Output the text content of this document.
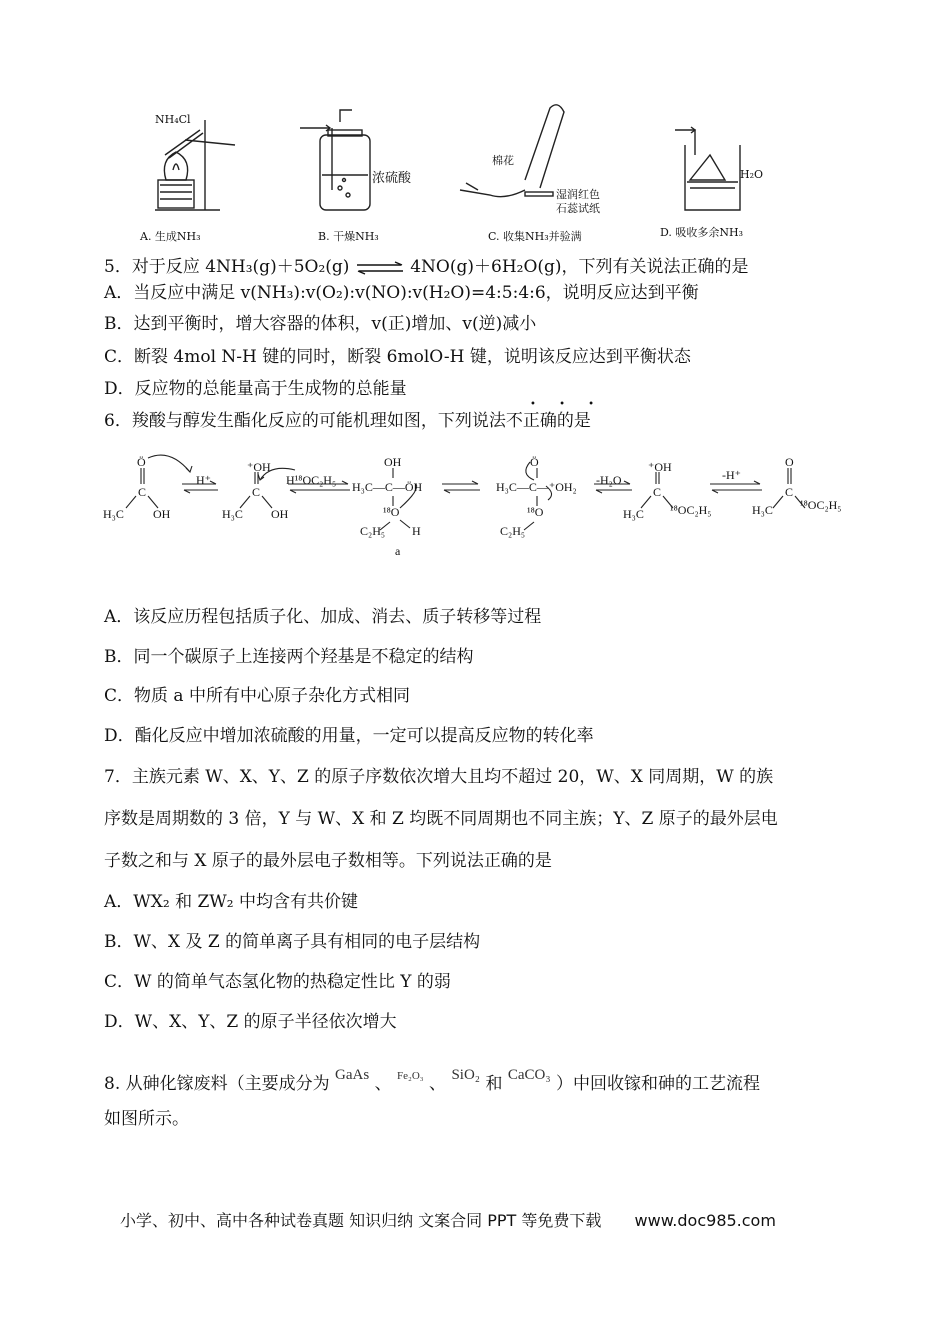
NH₄Cl
A. 生成NH₃
浓硫酸
B. 干燥NH₃
棉花
湿润红色
石蕊试纸
C. 收集NH₃并验满
H₂O
D. 吸收多余NH₃
5．对于反应 4NH₃(g)＋5O₂(g) ⇌ 4NO(g)＋6H₂O(g)，下列有关说法正确的是
A．当反应中满足 v(NH₃):v(O₂):v(NO):v(H₂O)=4:5:4:6，说明反应达到平衡
B．达到平衡时，增大容器的体积，v(正)增加、v(逆)减小
C．断裂 4mol N-H 键的同时，断裂 6molO-H 键，说明该反应达到平衡状态
D．反应物的总能量高于生成物的总能量
6．羧酸与醇发生酯化反应的可能机理如图，下列说法不正确的是
• • •
Ö
C
H₃C OH
H⁺
⁺OH
C
H₃C OH
H¹⁸OC₂H₅
OH
H₃C—C—ÖH
¹⁸O
C₂H₅ H
a
Ö
H₃C—C—⁺OH₂
¹⁸O
C₂H₅
-H₂O
⁺OH
C
H₃C ¹⁸OC₂H₅
-H⁺
O
C
H₃C ¹⁸OC₂H₅
A．该反应历程包括质子化、加成、消去、质子转移等过程
B．同一个碳原子上连接两个羟基是不稳定的结构
C．物质 a 中所有中心原子杂化方式相同
D．酯化反应中增加浓硫酸的用量，一定可以提高反应物的转化率
7．主族元素 W、X、Y、Z 的原子序数依次增大且均不超过 20，W、X 同周期，W 的族
序数是周期数的 3 倍，Y 与 W、X 和 Z 均既不同周期也不同主族；Y、Z 原子的最外层电
子数之和与 X 原子的最外层电子数相等。下列说法正确的是
A．WX₂ 和 ZW₂ 中均含有共价键
B．W、X 及 Z 的简单离子具有相同的电子层结构
C．W 的简单气态氢化物的热稳定性比 Y 的弱
D．W、X、Y、Z 的原子半径依次增大
8. 从砷化镓废料（主要成分为 GaAs 、 $^{Fe_2O_3}$ 、 SiO₂ 和 CaCO₃ ）中回收镓和砷的工艺流程
如图所示。
小学、初中、高中各种试卷真题 知识归纳 文案合同 PPT 等免费下载 www.doc985.com
